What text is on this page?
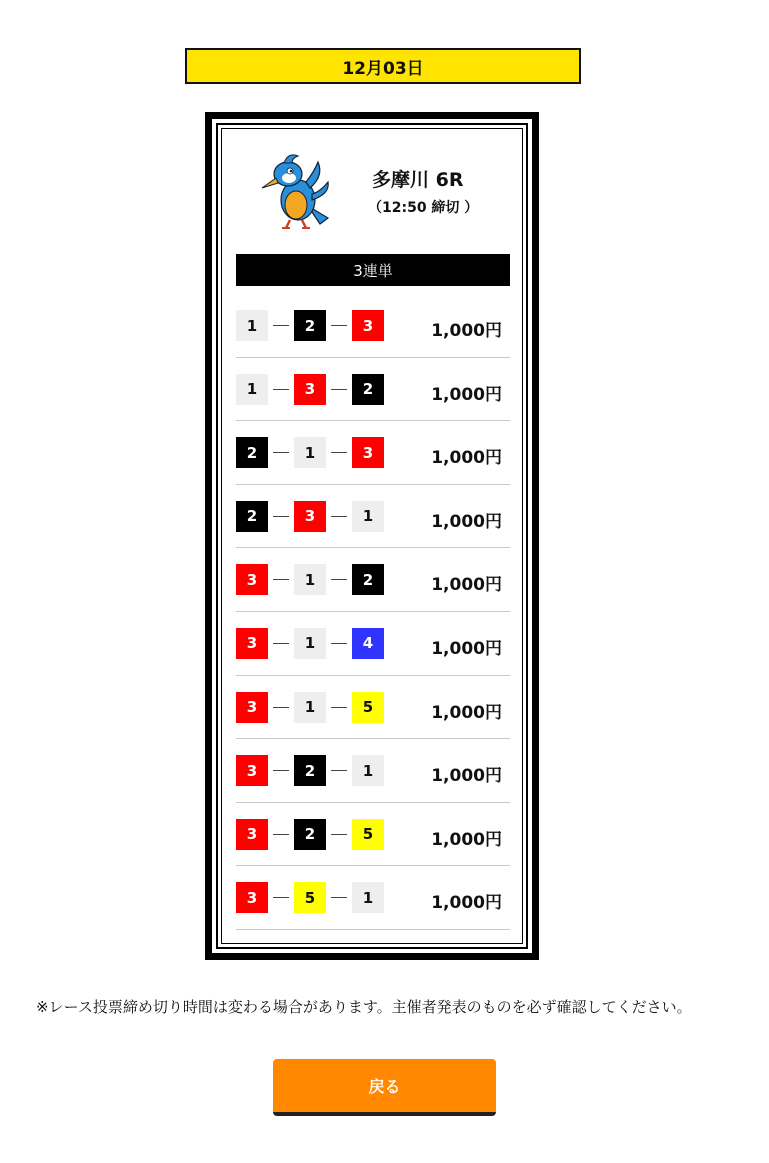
12月03日
多摩川 6R
（12:50 締切 ）
3連単
1	2	3	1,000円
1	3	2	1,000円
2	1	3	1,000円
2	3	1	1,000円
3	1	2	1,000円
3	1	4	1,000円
3	1	5	1,000円
3	2	1	1,000円
3	2	5	1,000円
3	5	1	1,000円
※レース投票締め切り時間は変わる場合があります。主催者発表のものを必ず確認してください。
戻る
